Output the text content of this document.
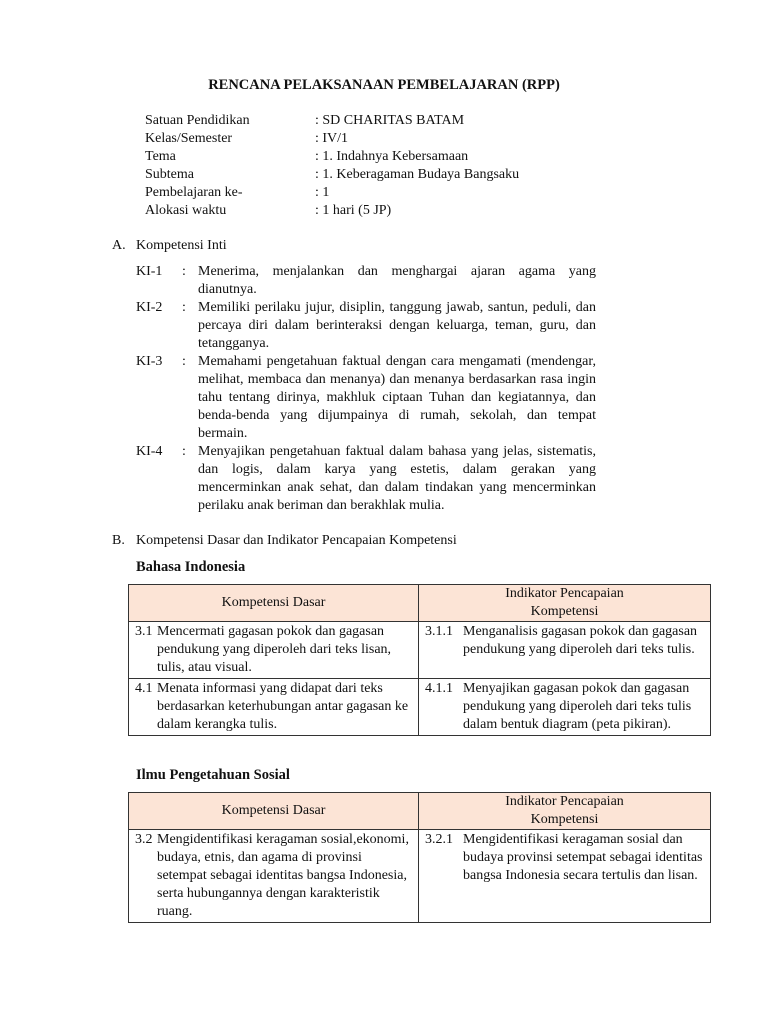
RENCANA PELAKSANAAN PEMBELAJARAN (RPP)
Satuan Pendidikan	: SD CHARITAS BATAM
Kelas/Semester	: IV/1
Tema	: 1. Indahnya Kebersamaan
Subtema	: 1. Keberagaman Budaya Bangsaku
Pembelajaran ke-	: 1
Alokasi waktu	: 1 hari (5 JP)
A. Kompetensi Inti
KI-1	: Menerima, menjalankan dan menghargai ajaran agama yang dianutnya.
KI-2	: Memiliki perilaku jujur, disiplin, tanggung jawab, santun, peduli, dan percaya diri dalam berinteraksi dengan keluarga, teman, guru, dan tetangganya.
KI-3	: Memahami pengetahuan faktual dengan cara mengamati (mendengar, melihat, membaca dan menanya) dan menanya berdasarkan rasa ingin tahu tentang dirinya, makhluk ciptaan Tuhan dan kegiatannya, dan benda-benda yang dijumpainya di rumah, sekolah, dan tempat bermain.
KI-4	: Menyajikan pengetahuan faktual dalam bahasa yang jelas, sistematis, dan logis, dalam karya yang estetis, dalam gerakan yang mencerminkan anak sehat, dan dalam tindakan yang mencerminkan perilaku anak beriman dan berakhlak mulia.
B. Kompetensi Dasar dan Indikator Pencapaian Kompetensi
Bahasa Indonesia
Kompetensi Dasar	Indikator Pencapaian
Kompetensi

3.1 Mencermati gagasan pokok dan gagasan pendukung yang diperoleh dari teks lisan, tulis, atau visual.	3.1.1 Menganalisis gagasan pokok dan gagasan pendukung yang diperoleh dari teks tulis.

4.1 Menata informasi yang didapat dari teks berdasarkan keterhubungan antar gagasan ke dalam kerangka tulis.	4.1.1 Menyajikan gagasan pokok dan gagasan pendukung yang diperoleh dari teks tulis dalam bentuk diagram (peta pikiran).
Ilmu Pengetahuan Sosial
Kompetensi Dasar	Indikator Pencapaian
Kompetensi

3.2 Mengidentifikasi keragaman sosial,ekonomi, budaya, etnis, dan agama di provinsi setempat sebagai identitas bangsa Indonesia, serta hubungannya dengan karakteristik ruang.	3.2.1 Mengidentifikasi keragaman sosial dan budaya provinsi setempat sebagai identitas bangsa Indonesia secara tertulis dan lisan.
